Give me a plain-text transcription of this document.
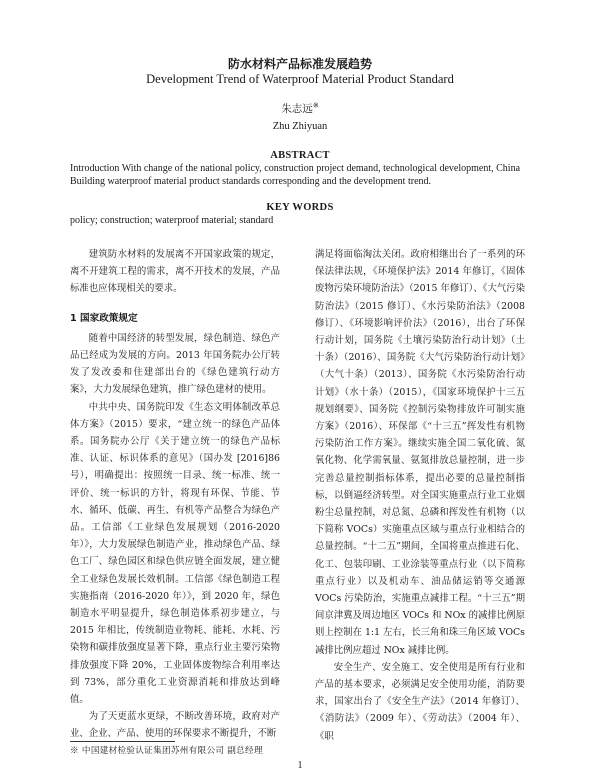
防水材料产品标准发展趋势
Development Trend of Waterproof Material Product Standard
朱志远※
Zhu Zhiyuan
ABSTRACT
Introduction With change of the national policy, construction project demand, technological development, China Building waterproof material product standards corresponding and the development trend.
KEY WORDS
policy; construction; waterproof material; standard

建筑防水材料的发展离不开国家政策的规定，离不开建筑工程的需求，离不开技术的发展，产品标准也应体现相关的要求。

1 国家政策规定

随着中国经济的转型发展，绿色制造、绿色产品已经成为发展的方向。2013 年国务院办公厅转发了发改委和住建部出台的《绿色建筑行动方案》，大力发展绿色建筑，推广绿色建材的使用。

中共中央、国务院印发《生态文明体制改革总体方案》（2015）要求，“建立统一的绿色产品体系。国务院办公厅《关于建立统一的绿色产品标准、认证、标识体系的意见》（国办发 [2016]86 号），明确提出：按照统一目录、统一标准、统一评价、统一标识的方针，将现有环保、节能、节水、循环、低碳、再生、有机等产品整合为绿色产品。工信部《工业绿色发展规划（2016-2020 年）》，大力发展绿色制造产业，推动绿色产品、绿色工厂、绿色园区和绿色供应链全面发展，建立健全工业绿色发展长效机制。工信部《绿色制造工程实施指南（2016-2020 年）》，到 2020 年，绿色制造水平明显提升，绿色制造体系初步建立，与 2015 年相比，传统制造业物耗、能耗、水耗、污染物和碳排放强度显著下降，重点行业主要污染物排放强度下降 20%，工业固体废物综合利用率达到 73%，部分重化工业资源消耗和排放达到峰值。

为了天更蓝水更绿，不断改善环境，政府对产业、企业、产品、使用的环保要求不断提升，不断

满足将面临淘汰关闭。政府相继出台了一系列的环保法律法规，《环境保护法》2014 年修订，《固体废物污染环境防治法》（2015 年修订）、《大气污染防治法》（2015 修订）、《水污染防治法》（2008 修订）、《环境影响评价法》（2016），出台了环保行动计划，国务院《土壤污染防治行动计划》（土十条）（2016）、国务院《大气污染防治行动计划》（大气十条）（2013）、国务院《水污染防治行动计划》（水十条）（2015），《国家环境保护十三五规划纲要》、国务院《控制污染物排放许可制实施方案》（2016）、环保部《“十三五”挥发性有机物污染防治工作方案》。继续实施全国二氧化硫、氮氧化物、化学需氧量、氨氮排放总量控制，进一步完善总量控制指标体系，提出必要的总量控制指标，以倒逼经济转型。对全国实施重点行业工业烟粉尘总量控制，对总氮、总磷和挥发性有机物（以下简称 VOCs）实施重点区域与重点行业相结合的总量控制。“十二五”期间，全国将重点推进石化、化工、包装印刷、工业涂装等重点行业（以下简称重点行业）以及机动车、油品储运销等交通源 VOCs 污染防治，实施重点减排工程。“十三五”期间京津冀及周边地区 VOCs 和 NOx 的减排比例原则上控制在 1:1 左右，长三角和珠三角区域 VOCs 减排比例应超过 NOx 减排比例。

安全生产、安全施工、安全使用是所有行业和产品的基本要求，必须满足安全使用功能，消防要求，国家出台了《安全生产法》（2014 年修订）、《消防法》（2009 年）、《劳动法》（2004 年）、《职

※ 中国建材检验认证集团苏州有限公司 副总经理
1
